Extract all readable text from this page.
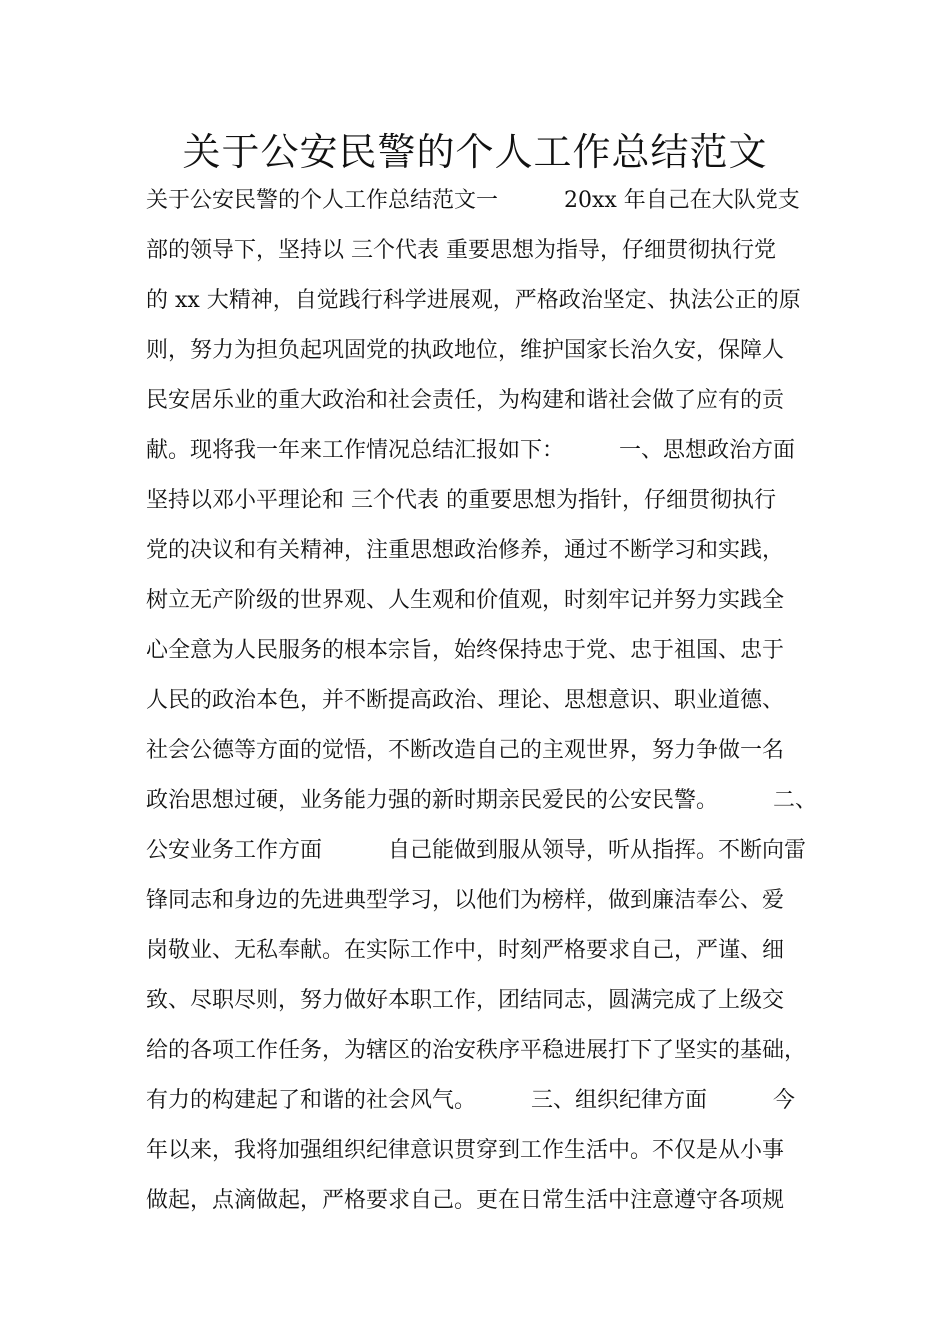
关于公安民警的个人工作总结范文
关于公安民警的个人工作总结范文一　　　20xx 年自己在大队党支
部的领导下，坚持以 三个代表 重要思想为指导，仔细贯彻执行党
的 xx 大精神，自觉践行科学进展观，严格政治坚定、执法公正的原
则，努力为担负起巩固党的执政地位，维护国家长治久安，保障人
民安居乐业的重大政治和社会责任，为构建和谐社会做了应有的贡
献。现将我一年来工作情况总结汇报如下：　　　一、思想政治方面
坚持以邓小平理论和 三个代表 的重要思想为指针，仔细贯彻执行
党的决议和有关精神，注重思想政治修养，通过不断学习和实践，
树立无产阶级的世界观、人生观和价值观，时刻牢记并努力实践全
心全意为人民服务的根本宗旨，始终保持忠于党、忠于祖国、忠于
人民的政治本色，并不断提高政治、理论、思想意识、职业道德、
社会公德等方面的觉悟，不断改造自己的主观世界，努力争做一名
政治思想过硬，业务能力强的新时期亲民爱民的公安民警。　　　二、
公安业务工作方面　　　自己能做到服从领导，听从指挥。不断向雷
锋同志和身边的先进典型学习，以他们为榜样，做到廉洁奉公、爱
岗敬业、无私奉献。在实际工作中，时刻严格要求自己，严谨、细
致、尽职尽则，努力做好本职工作，团结同志，圆满完成了上级交
给的各项工作任务，为辖区的治安秩序平稳进展打下了坚实的基础，
有力的构建起了和谐的社会风气。　　　三、组织纪律方面　　　今
年以来，我将加强组织纪律意识贯穿到工作生活中。不仅是从小事
做起，点滴做起，严格要求自己。更在日常生活中注意遵守各项规
